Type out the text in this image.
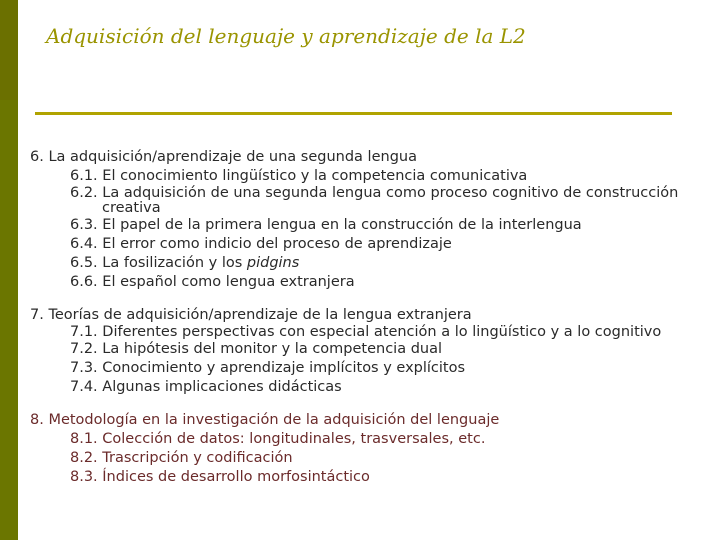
Adquisición del lenguaje y aprendizaje de la L2
6. La adquisición/aprendizaje de una segunda lengua
6.1. El conocimiento lingüístico y la competencia comunicativa
6.2. La adquisición de una segunda lengua como proceso cognitivo de construcción creativa
6.3. El papel de la primera lengua en la construcción de la interlengua
6.4. El error como indicio del proceso de aprendizaje
6.5. La fosilización y los pidgins
6.6. El español como lengua extranjera
7. Teorías de adquisición/aprendizaje de la lengua extranjera
7.1. Diferentes perspectivas con especial atención a lo lingüístico y a lo cognitivo
7.2. La hipótesis del monitor y la competencia dual
7.3. Conocimiento y aprendizaje implícitos y explícitos
7.4. Algunas implicaciones didácticas
8. Metodología en la investigación de la adquisición del lenguaje
8.1. Colección de datos: longitudinales, trasversales, etc.
8.2. Trascripción y codificación
8.3. Índices de desarrollo morfosintáctico
